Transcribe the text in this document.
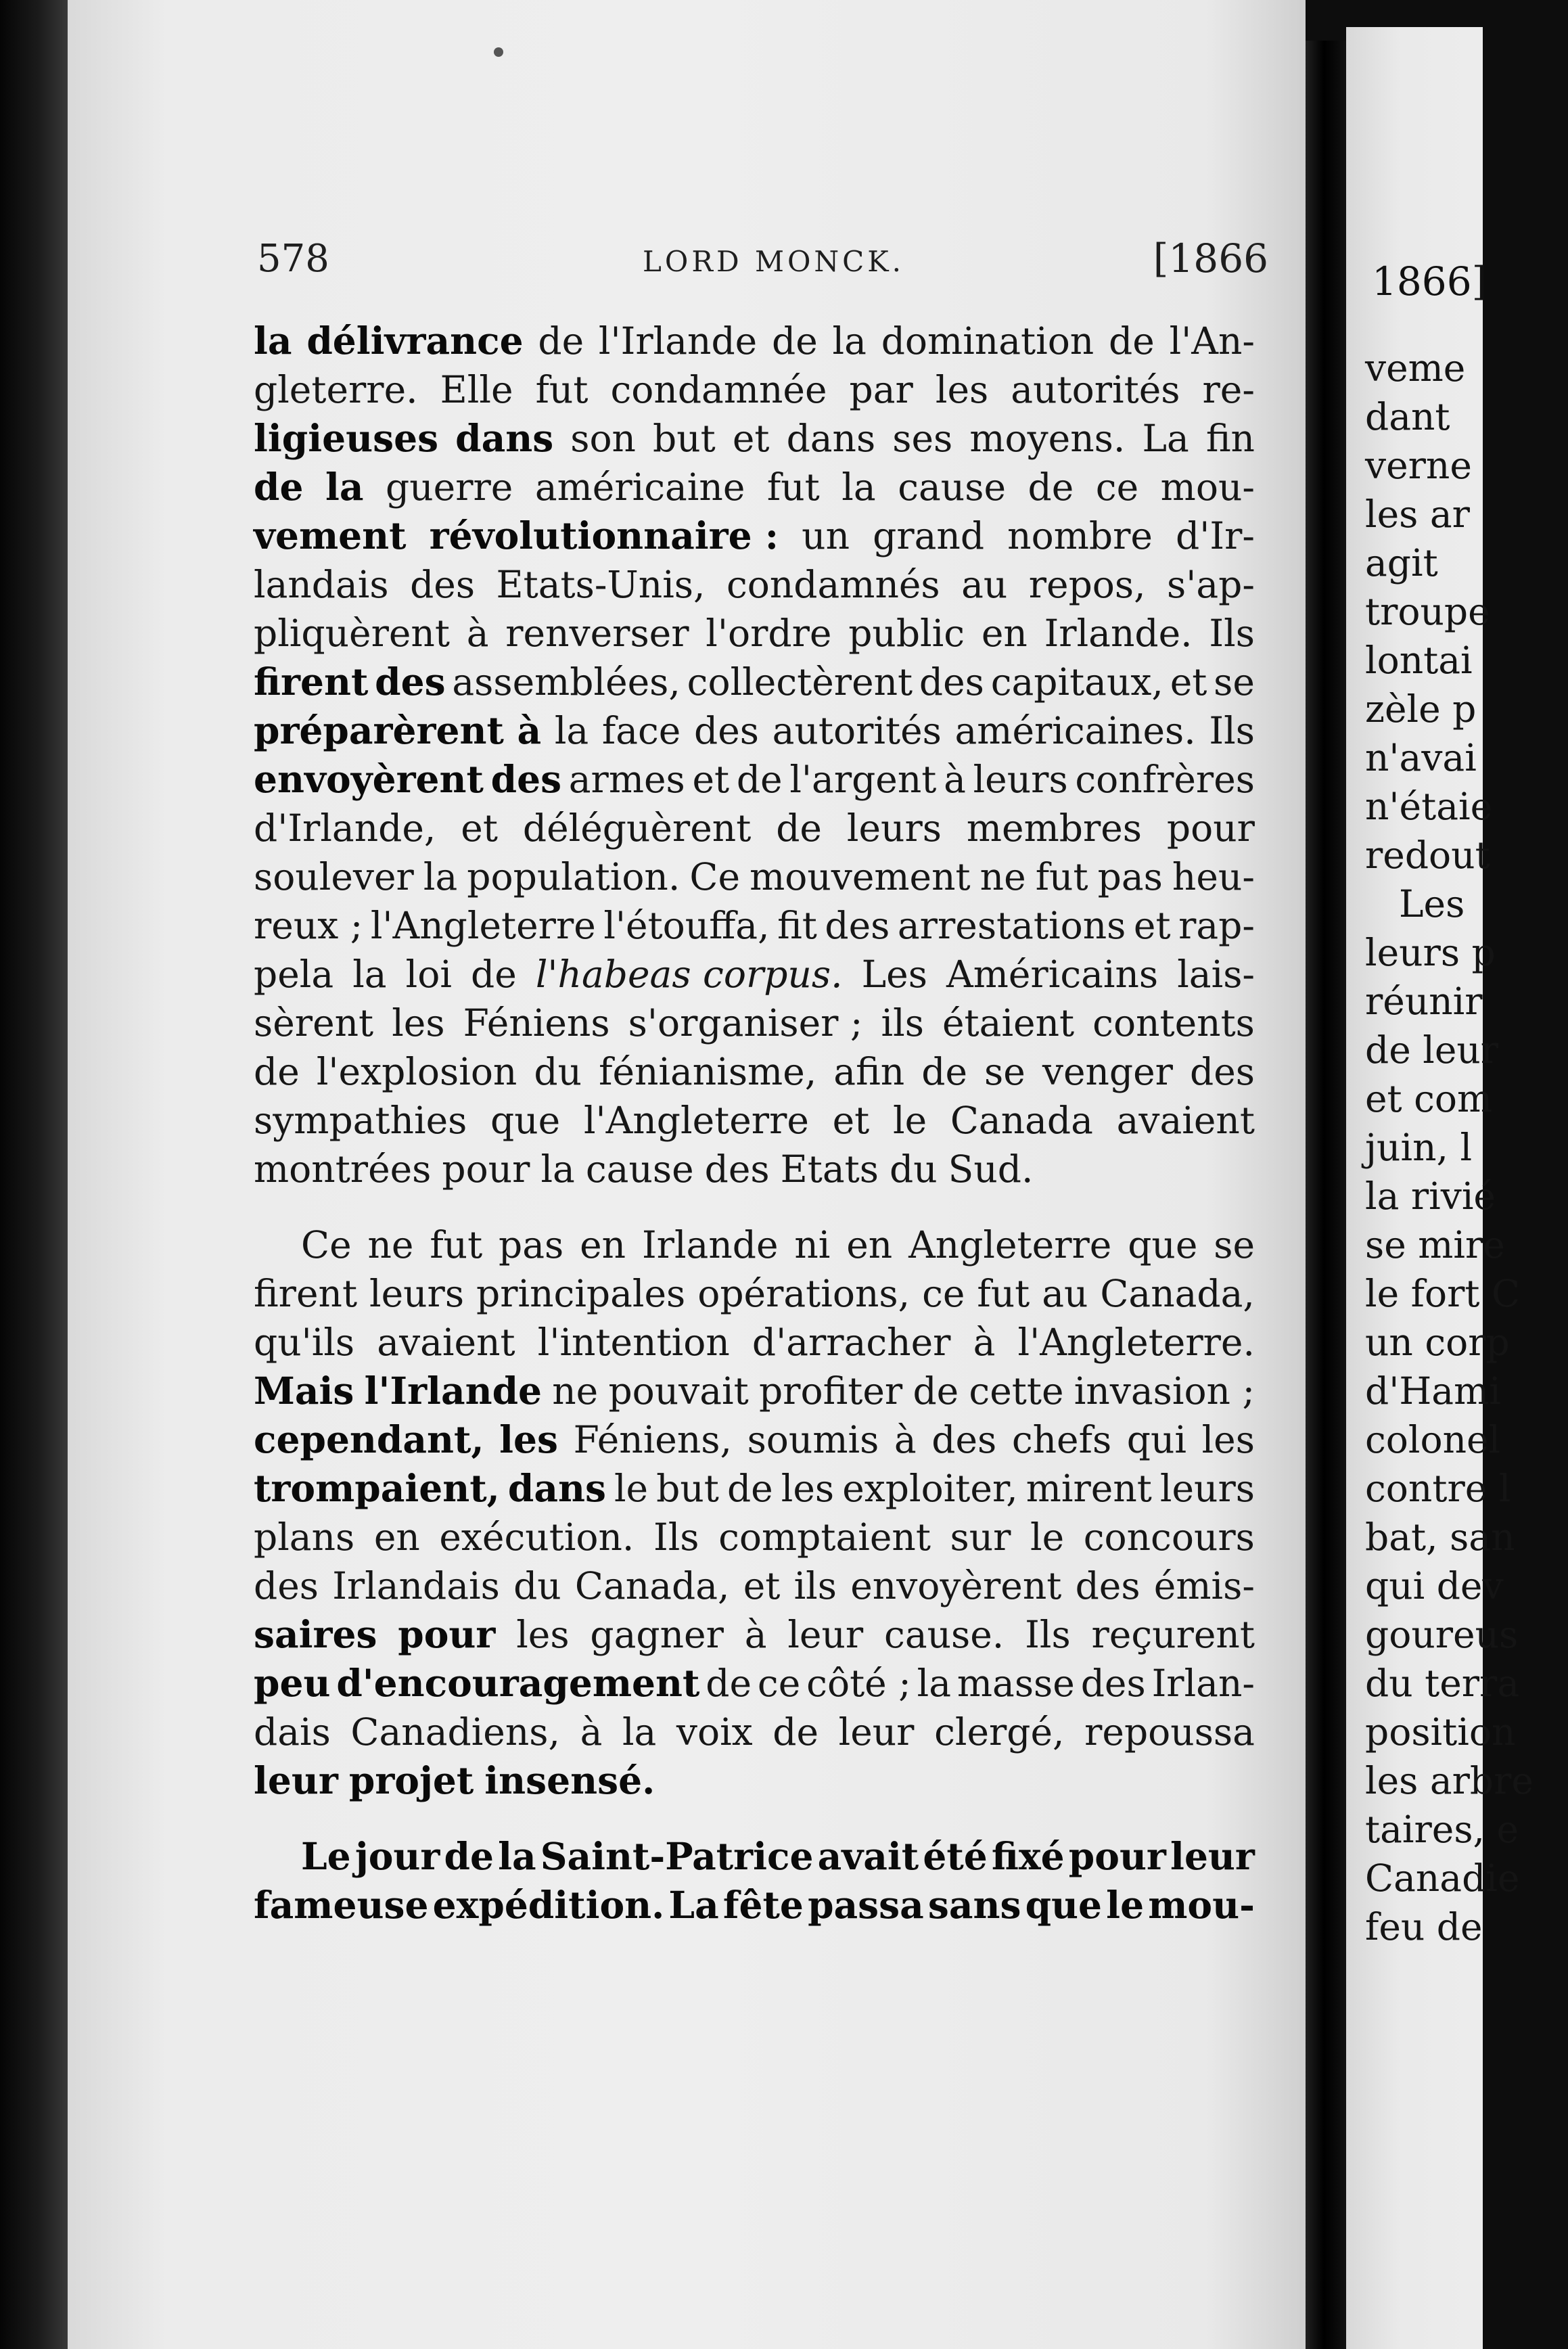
578	LORD MONCK.	[1866
la délivrance de l'Irlande de la domination de l'An-
gleterre. Elle fut condamnée par les autorités re-
ligieuses dans son but et dans ses moyens. La fin
de la guerre américaine fut la cause de ce mou-
vement révolutionnaire : un grand nombre d'Ir-
landais des Etats-Unis, condamnés au repos, s'ap-
pliquèrent à renverser l'ordre public en Irlande. Ils
firent des assemblées, collectèrent des capitaux, et se
préparèrent à la face des autorités américaines. Ils
envoyèrent des armes et de l'argent à leurs confrères
d'Irlande, et déléguèrent de leurs membres pour
soulever la population. Ce mouvement ne fut pas heu-
reux ; l'Angleterre l'étouffa, fit des arrestations et rap-
pela la loi de l'habeas corpus. Les Américains lais-
sèrent les Féniens s'organiser ; ils étaient contents
de l'explosion du fénianisme, afin de se venger des
sympathies que l'Angleterre et le Canada avaient
montrées pour la cause des Etats du Sud.
Ce ne fut pas en Irlande ni en Angleterre que se
firent leurs principales opérations, ce fut au Canada,
qu'ils avaient l'intention d'arracher à l'Angleterre.
Mais l'Irlande ne pouvait profiter de cette invasion ;
cependant, les Féniens, soumis à des chefs qui les
trompaient, dans le but de les exploiter, mirent leurs
plans en exécution. Ils comptaient sur le concours
des Irlandais du Canada, et ils envoyèrent des émis-
saires pour les gagner à leur cause. Ils reçurent
peu d'encouragement de ce côté ; la masse des Irlan-
dais Canadiens, à la voix de leur clergé, repoussa
leur projet insensé.
Le jour de la Saint-Patrice avait été fixé pour leur
fameuse expédition. La fête passa sans que le mou-
1866]
veme
dant
verne
les ar
agit
troupe
lontai
zèle p
n'avai
n'étaie
redout
Les
leurs p
réunir
de leur
et com
juin, l
la rivié
se mire
le fort C
un corp
d'Hami
colonel
contre l
bat, san
qui dev
goureus
du terra
position
les arbre
taires, e
Canadie
feu de
